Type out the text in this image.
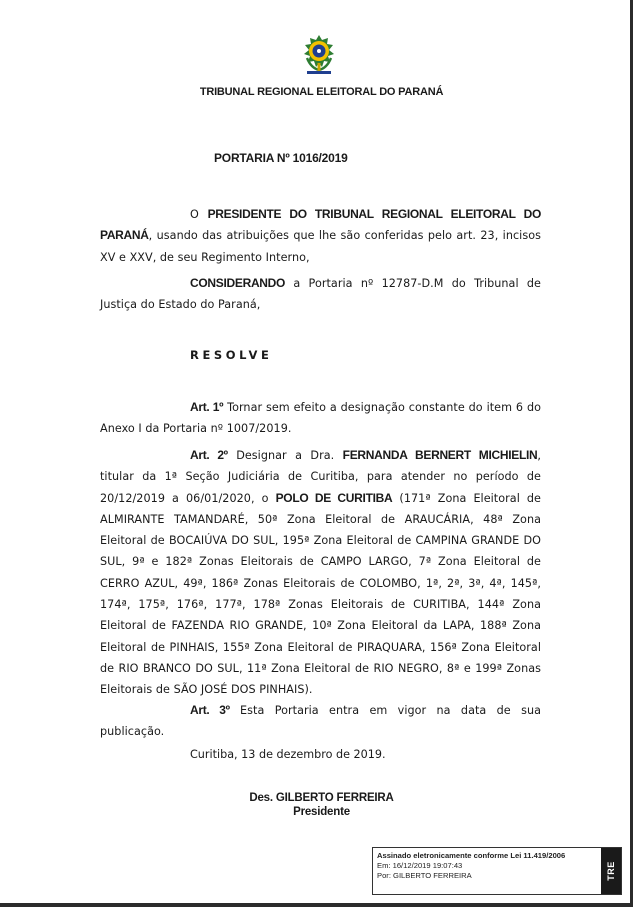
TRIBUNAL REGIONAL ELEITORAL DO PARANÁ
PORTARIA Nº 1016/2019
O PRESIDENTE DO TRIBUNAL REGIONAL ELEITORAL DO PARANÁ, usando das atribuições que lhe são conferidas pelo art. 23, incisos XV e XXV, de seu Regimento Interno,
CONSIDERANDO a Portaria nº 12787-D.M do Tribunal de Justiça do Estado do Paraná,
RESOLVE
Art. 1º Tornar sem efeito a designação constante do item 6 do Anexo I da Portaria nº 1007/2019.
Art. 2º Designar a Dra. FERNANDA BERNERT MICHIELIN, titular da 1ª Seção Judiciária de Curitiba, para atender no período de 20/12/2019 a 06/01/2020, o POLO DE CURITIBA (171ª Zona Eleitoral de ALMIRANTE TAMANDARÉ, 50ª Zona Eleitoral de ARAUCÁRIA, 48ª Zona Eleitoral de BOCAIÚVA DO SUL, 195ª Zona Eleitoral de CAMPINA GRANDE DO SUL, 9ª e 182ª Zonas Eleitorais de CAMPO LARGO, 7ª Zona Eleitoral de CERRO AZUL, 49ª, 186ª Zonas Eleitorais de COLOMBO, 1ª, 2ª, 3ª, 4ª, 145ª, 174ª, 175ª, 176ª, 177ª, 178ª Zonas Eleitorais de CURITIBA, 144ª Zona Eleitoral de FAZENDA RIO GRANDE, 10ª Zona Eleitoral da LAPA, 188ª Zona Eleitoral de PINHAIS, 155ª Zona Eleitoral de PIRAQUARA, 156ª Zona Eleitoral de RIO BRANCO DO SUL, 11ª Zona Eleitoral de RIO NEGRO, 8ª e 199ª Zonas Eleitorais de SÃO JOSÉ DOS PINHAIS).
Art. 3º Esta Portaria entra em vigor na data de sua publicação.
Curitiba, 13 de dezembro de 2019.
Des. GILBERTO FERREIRA
Presidente
Assinado eletronicamente conforme Lei 11.419/2006
Em: 16/12/2019 19:07:43
Por: GILBERTO FERREIRA	TRE
